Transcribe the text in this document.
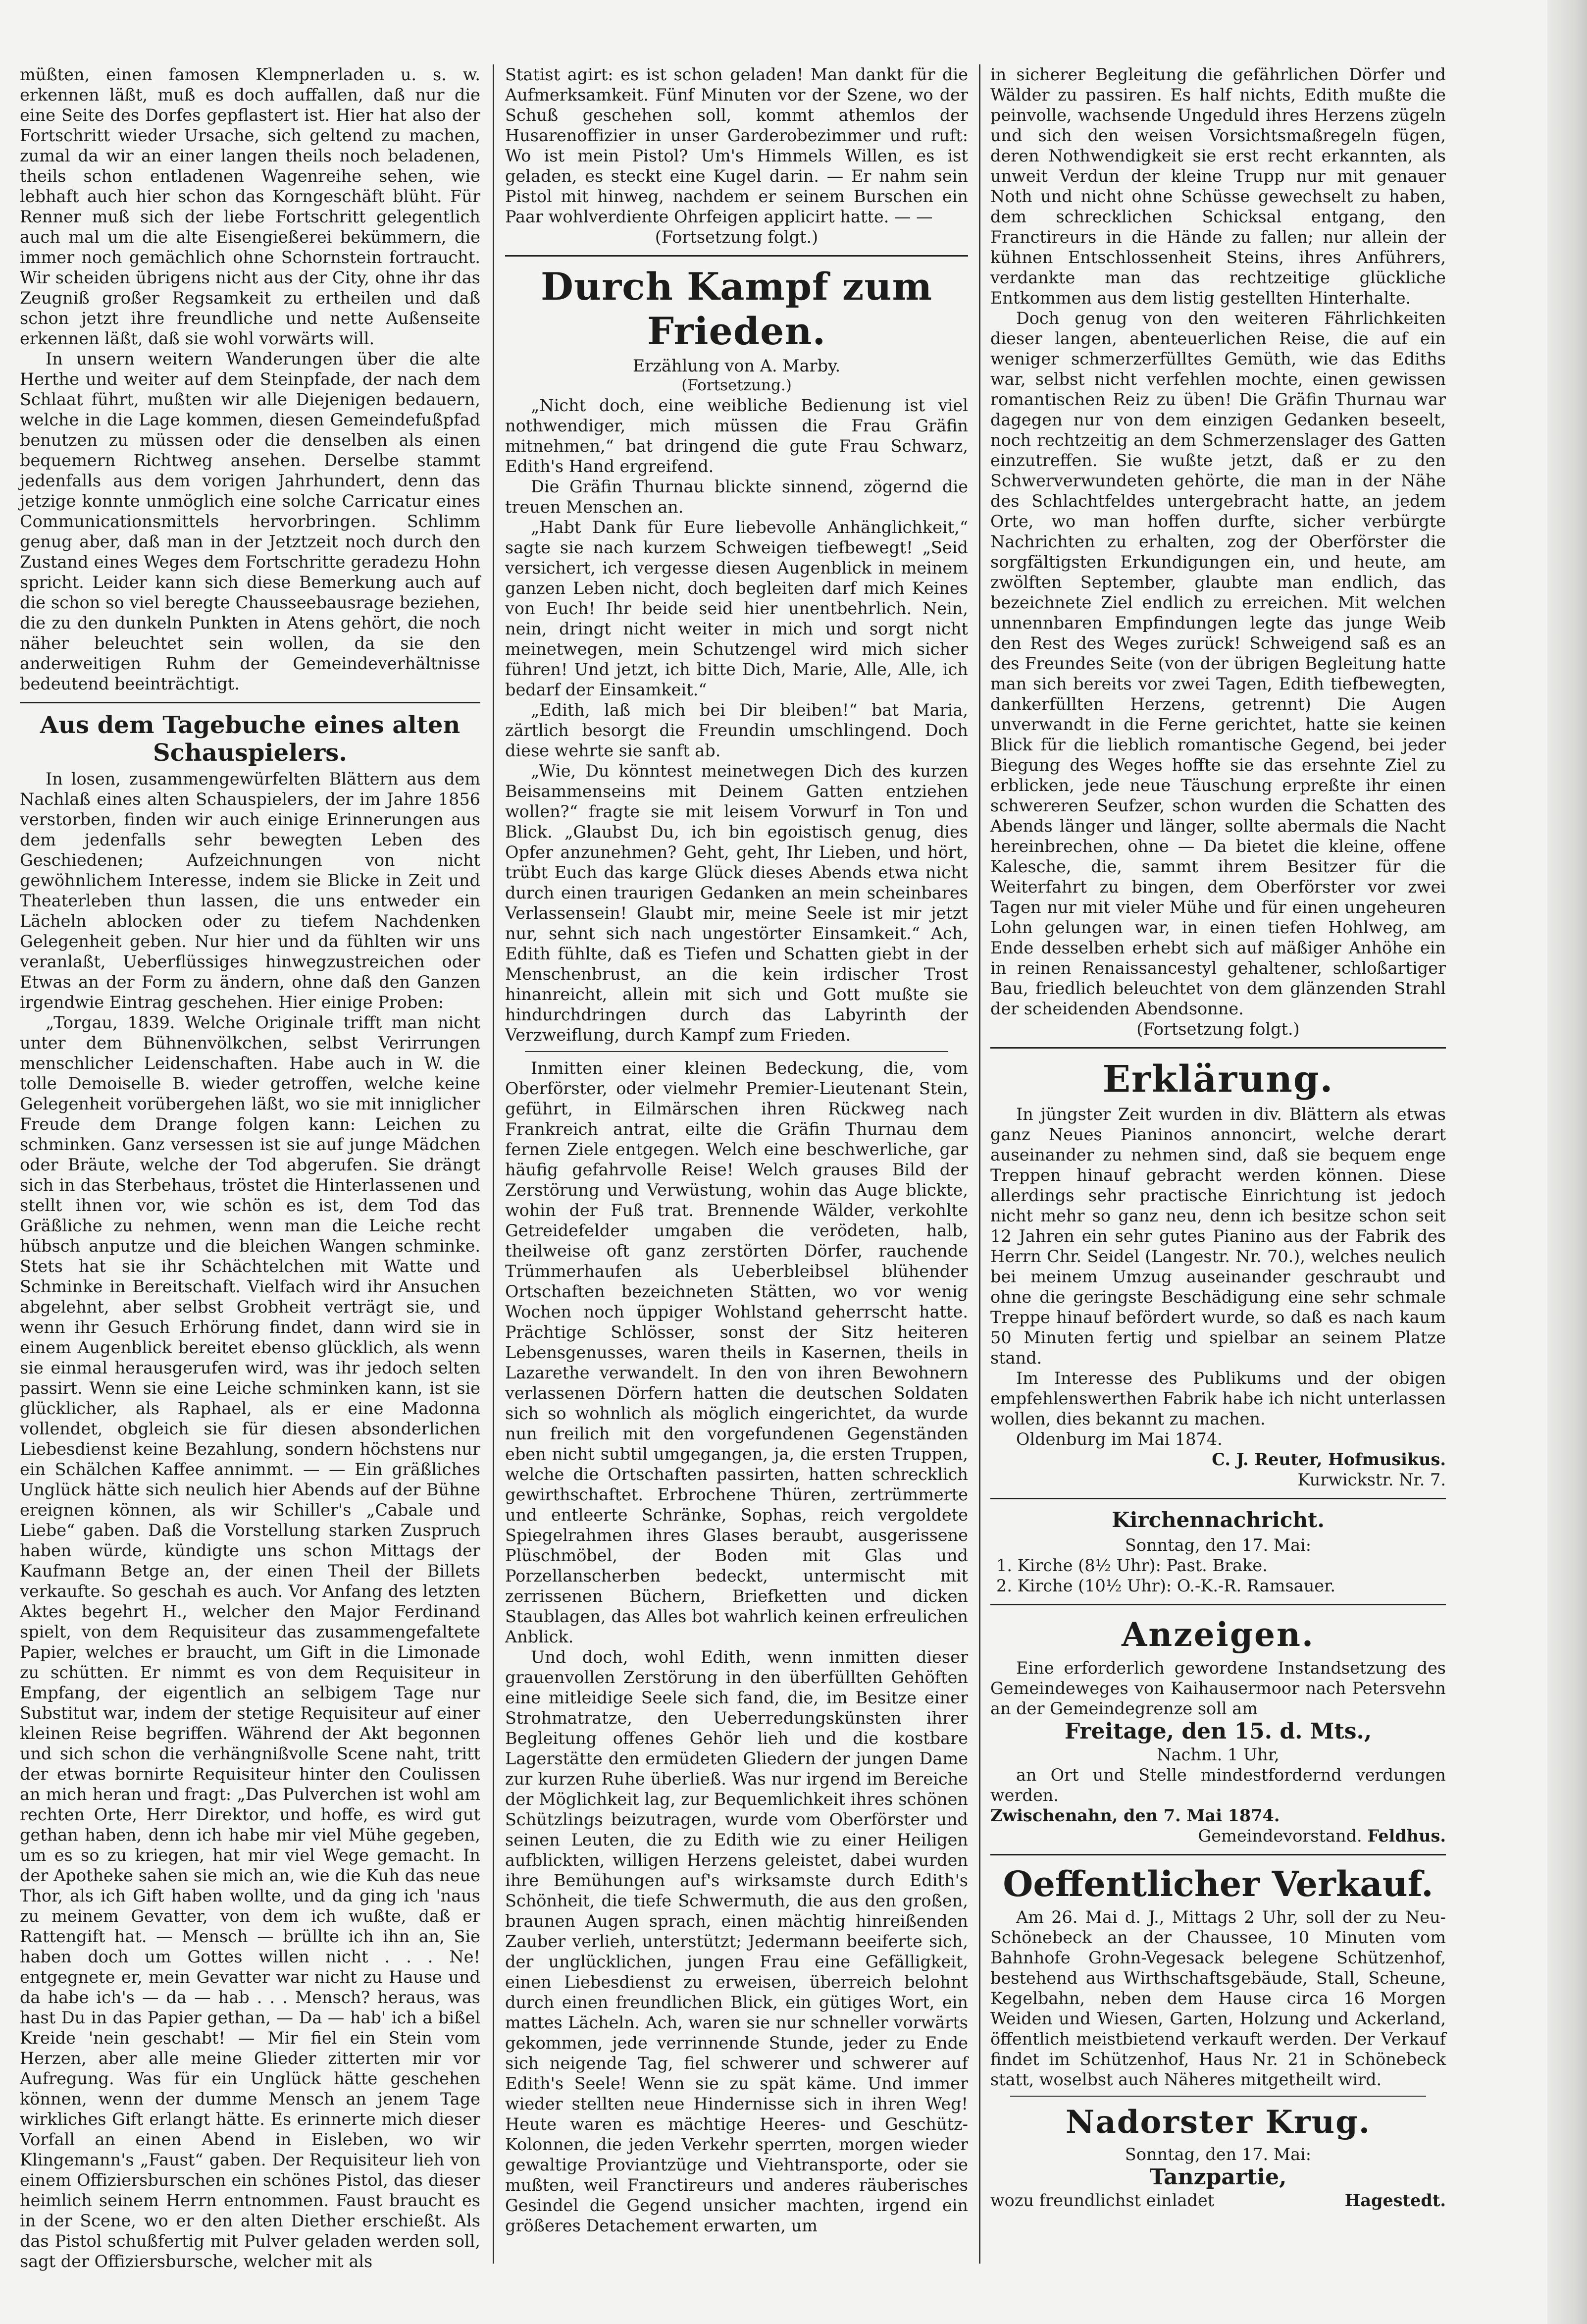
müßten, einen famosen Klempnerladen u. s. w. erkennen läßt, muß es doch auffallen, daß nur die eine Seite des Dorfes gepflastert ist. Hier hat also der Fortschritt wieder Ursache, sich geltend zu machen, zumal da wir an einer langen theils noch beladenen, theils schon entladenen Wagenreihe sehen, wie lebhaft auch hier schon das Korngeschäft blüht. Für Renner muß sich der liebe Fortschritt gelegentlich auch mal um die alte Eisengießerei bekümmern, die immer noch gemächlich ohne Schornstein fortraucht. Wir scheiden übrigens nicht aus der City, ohne ihr das Zeugniß großer Regsamkeit zu ertheilen und daß schon jetzt ihre freundliche und nette Außenseite erkennen läßt, daß sie wohl vorwärts will.

In unsern weitern Wanderungen über die alte Herthe und weiter auf dem Steinpfade, der nach dem Schlaat führt, mußten wir alle Diejenigen bedauern, welche in die Lage kommen, diesen Gemeindefußpfad benutzen zu müssen oder die denselben als einen bequemern Richtweg ansehen. Derselbe stammt jedenfalls aus dem vorigen Jahrhundert, denn das jetzige konnte unmöglich eine solche Carricatur eines Communicationsmittels hervorbringen. Schlimm genug aber, daß man in der Jetztzeit noch durch den Zustand eines Weges dem Fortschritte geradezu Hohn spricht. Leider kann sich diese Bemerkung auch auf die schon so viel beregte Chausseebausrage beziehen, die zu den dunkeln Punkten in Atens gehört, die noch näher beleuchtet sein wollen, da sie den anderweitigen Ruhm der Gemeindeverhältnisse bedeutend beeinträchtigt.

Aus dem Tagebuche eines alten Schauspielers.

In losen, zusammengewürfelten Blättern aus dem Nachlaß eines alten Schauspielers, der im Jahre 1856 verstorben, finden wir auch einige Erinnerungen aus dem jedenfalls sehr bewegten Leben des Geschiedenen; Aufzeichnungen von nicht gewöhnlichem Interesse, indem sie Blicke in Zeit und Theaterleben thun lassen, die uns entweder ein Lächeln ablocken oder zu tiefem Nachdenken Gelegenheit geben. Nur hier und da fühlten wir uns veranlaßt, Ueberflüssiges hinwegzustreichen oder Etwas an der Form zu ändern, ohne daß den Ganzen irgendwie Eintrag geschehen. Hier einige Proben:

„Torgau, 1839. Welche Originale trifft man nicht unter dem Bühnenvölkchen, selbst Verirrungen menschlicher Leidenschaften. Habe auch in W. die tolle Demoiselle B. wieder getroffen, welche keine Gelegenheit vorübergehen läßt, wo sie mit inniglicher Freude dem Drange folgen kann: Leichen zu schminken. Ganz versessen ist sie auf junge Mädchen oder Bräute, welche der Tod abgerufen. Sie drängt sich in das Sterbehaus, tröstet die Hinterlassenen und stellt ihnen vor, wie schön es ist, dem Tod das Gräßliche zu nehmen, wenn man die Leiche recht hübsch anputze und die bleichen Wangen schminke. Stets hat sie ihr Schächtelchen mit Watte und Schminke in Bereitschaft. Vielfach wird ihr Ansuchen abgelehnt, aber selbst Grobheit verträgt sie, und wenn ihr Gesuch Erhörung findet, dann wird sie in einem Augenblick bereitet ebenso glücklich, als wenn sie einmal herausgerufen wird, was ihr jedoch selten passirt. Wenn sie eine Leiche schminken kann, ist sie glücklicher, als Raphael, als er eine Madonna vollendet, obgleich sie für diesen absonderlichen Liebesdienst keine Bezahlung, sondern höchstens nur ein Schälchen Kaffee annimmt. — — Ein gräßliches Unglück hätte sich neulich hier Abends auf der Bühne ereignen können, als wir Schiller's „Cabale und Liebe“ gaben. Daß die Vorstellung starken Zuspruch haben würde, kündigte uns schon Mittags der Kaufmann Betge an, der einen Theil der Billets verkaufte. So geschah es auch. Vor Anfang des letzten Aktes begehrt H., welcher den Major Ferdinand spielt, von dem Requisiteur das zusammengefaltete Papier, welches er braucht, um Gift in die Limonade zu schütten. Er nimmt es von dem Requisiteur in Empfang, der eigentlich an selbigem Tage nur Substitut war, indem der stetige Requisiteur auf einer kleinen Reise begriffen. Während der Akt begonnen und sich schon die verhängnißvolle Scene naht, tritt der etwas bornirte Requisiteur hinter den Coulissen an mich heran und fragt: „Das Pulverchen ist wohl am rechten Orte, Herr Direktor, und hoffe, es wird gut gethan haben, denn ich habe mir viel Mühe gegeben, um es so zu kriegen, hat mir viel Wege gemacht. In der Apotheke sahen sie mich an, wie die Kuh das neue Thor, als ich Gift haben wollte, und da ging ich 'naus zu meinem Gevatter, von dem ich wußte, daß er Rattengift hat. — Mensch — brüllte ich ihn an, Sie haben doch um Gottes willen nicht . . . Ne! entgegnete er, mein Gevatter war nicht zu Hause und da habe ich's — da — hab . . . Mensch? heraus, was hast Du in das Papier gethan, — Da — hab' ich a bißel Kreide 'nein geschabt! — Mir fiel ein Stein vom Herzen, aber alle meine Glieder zitterten mir vor Aufregung. Was für ein Unglück hätte geschehen können, wenn der dumme Mensch an jenem Tage wirkliches Gift erlangt hätte. Es erinnerte mich dieser Vorfall an einen Abend in Eisleben, wo wir Klingemann's „Faust“ gaben. Der Requisiteur lieh von einem Offiziersburschen ein schönes Pistol, das dieser heimlich seinem Herrn entnommen. Faust braucht es in der Scene, wo er den alten Diether erschießt. Als das Pistol schußfertig mit Pulver geladen werden soll, sagt der Offiziersbursche, welcher mit als

Statist agirt: es ist schon geladen! Man dankt für die Aufmerksamkeit. Fünf Minuten vor der Szene, wo der Schuß geschehen soll, kommt athemlos der Husarenoffizier in unser Garderobezimmer und ruft: Wo ist mein Pistol? Um's Himmels Willen, es ist geladen, es steckt eine Kugel darin. — Er nahm sein Pistol mit hinweg, nachdem er seinem Burschen ein Paar wohlverdiente Ohrfeigen applicirt hatte. — —

(Fortsetzung folgt.)

Durch Kampf zum Frieden.

Erzählung von A. Marby.

(Fortsetzung.)

„Nicht doch, eine weibliche Bedienung ist viel nothwendiger, mich müssen die Frau Gräfin mitnehmen,“ bat dringend die gute Frau Schwarz, Edith's Hand ergreifend.

Die Gräfin Thurnau blickte sinnend, zögernd die treuen Menschen an.

„Habt Dank für Eure liebevolle Anhänglichkeit,“ sagte sie nach kurzem Schweigen tiefbewegt! „Seid versichert, ich vergesse diesen Augenblick in meinem ganzen Leben nicht, doch begleiten darf mich Keines von Euch! Ihr beide seid hier unentbehrlich. Nein, nein, dringt nicht weiter in mich und sorgt nicht meinetwegen, mein Schutzengel wird mich sicher führen! Und jetzt, ich bitte Dich, Marie, Alle, Alle, ich bedarf der Einsamkeit.“

„Edith, laß mich bei Dir bleiben!“ bat Maria, zärtlich besorgt die Freundin umschlingend. Doch diese wehrte sie sanft ab.

„Wie, Du könntest meinetwegen Dich des kurzen Beisammenseins mit Deinem Gatten entziehen wollen?“ fragte sie mit leisem Vorwurf in Ton und Blick. „Glaubst Du, ich bin egoistisch genug, dies Opfer anzunehmen? Geht, geht, Ihr Lieben, und hört, trübt Euch das karge Glück dieses Abends etwa nicht durch einen traurigen Gedanken an mein scheinbares Verlassensein! Glaubt mir, meine Seele ist mir jetzt nur, sehnt sich nach ungestörter Einsamkeit.“ Ach, Edith fühlte, daß es Tiefen und Schatten giebt in der Menschenbrust, an die kein irdischer Trost hinanreicht, allein mit sich und Gott mußte sie hindurchdringen durch das Labyrinth der Verzweiflung, durch Kampf zum Frieden.

Inmitten einer kleinen Bedeckung, die, vom Oberförster, oder vielmehr Premier-Lieutenant Stein, geführt, in Eilmärschen ihren Rückweg nach Frankreich antrat, eilte die Gräfin Thurnau dem fernen Ziele entgegen. Welch eine beschwerliche, gar häufig gefahrvolle Reise! Welch grauses Bild der Zerstörung und Verwüstung, wohin das Auge blickte, wohin der Fuß trat. Brennende Wälder, verkohlte Getreidefelder umgaben die verödeten, halb, theilweise oft ganz zerstörten Dörfer, rauchende Trümmerhaufen als Ueberbleibsel blühender Ortschaften bezeichneten Stätten, wo vor wenig Wochen noch üppiger Wohlstand geherrscht hatte. Prächtige Schlösser, sonst der Sitz heiteren Lebensgenusses, waren theils in Kasernen, theils in Lazarethe verwandelt. In den von ihren Bewohnern verlassenen Dörfern hatten die deutschen Soldaten sich so wohnlich als möglich eingerichtet, da wurde nun freilich mit den vorgefundenen Gegenständen eben nicht subtil umgegangen, ja, die ersten Truppen, welche die Ortschaften passirten, hatten schrecklich gewirthschaftet. Erbrochene Thüren, zertrümmerte und entleerte Schränke, Sophas, reich vergoldete Spiegelrahmen ihres Glases beraubt, ausgerissene Plüschmöbel, der Boden mit Glas und Porzellanscherben bedeckt, untermischt mit zerrissenen Büchern, Briefketten und dicken Staublagen, das Alles bot wahrlich keinen erfreulichen Anblick.

Und doch, wohl Edith, wenn inmitten dieser grauenvollen Zerstörung in den überfüllten Gehöften eine mitleidige Seele sich fand, die, im Besitze einer Strohmatratze, den Ueberredungskünsten ihrer Begleitung offenes Gehör lieh und die kostbare Lagerstätte den ermüdeten Gliedern der jungen Dame zur kurzen Ruhe überließ. Was nur irgend im Bereiche der Möglichkeit lag, zur Bequemlichkeit ihres schönen Schützlings beizutragen, wurde vom Oberförster und seinen Leuten, die zu Edith wie zu einer Heiligen aufblickten, willigen Herzens geleistet, dabei wurden ihre Bemühungen auf's wirksamste durch Edith's Schönheit, die tiefe Schwermuth, die aus den großen, braunen Augen sprach, einen mächtig hinreißenden Zauber verlieh, unterstützt; Jedermann beeiferte sich, der unglücklichen, jungen Frau eine Gefälligkeit, einen Liebesdienst zu erweisen, überreich belohnt durch einen freundlichen Blick, ein gütiges Wort, ein mattes Lächeln. Ach, waren sie nur schneller vorwärts gekommen, jede verrinnende Stunde, jeder zu Ende sich neigende Tag, fiel schwerer und schwerer auf Edith's Seele! Wenn sie zu spät käme. Und immer wieder stellten neue Hindernisse sich in ihren Weg! Heute waren es mächtige Heeres- und Geschütz-Kolonnen, die jeden Verkehr sperrten, morgen wieder gewaltige Proviantzüge und Viehtransporte, oder sie mußten, weil Franctireurs und anderes räuberisches Gesindel die Gegend unsicher machten, irgend ein größeres Detachement erwarten, um

in sicherer Begleitung die gefährlichen Dörfer und Wälder zu passiren. Es half nichts, Edith mußte die peinvolle, wachsende Ungeduld ihres Herzens zügeln und sich den weisen Vorsichtsmaßregeln fügen, deren Nothwendigkeit sie erst recht erkannten, als unweit Verdun der kleine Trupp nur mit genauer Noth und nicht ohne Schüsse gewechselt zu haben, dem schrecklichen Schicksal entgang, den Franctireurs in die Hände zu fallen; nur allein der kühnen Entschlossenheit Steins, ihres Anführers, verdankte man das rechtzeitige glückliche Entkommen aus dem listig gestellten Hinterhalte.

Doch genug von den weiteren Fährlichkeiten dieser langen, abenteuerlichen Reise, die auf ein weniger schmerzerfülltes Gemüth, wie das Ediths war, selbst nicht verfehlen mochte, einen gewissen romantischen Reiz zu üben! Die Gräfin Thurnau war dagegen nur von dem einzigen Gedanken beseelt, noch rechtzeitig an dem Schmerzenslager des Gatten einzutreffen. Sie wußte jetzt, daß er zu den Schwerverwundeten gehörte, die man in der Nähe des Schlachtfeldes untergebracht hatte, an jedem Orte, wo man hoffen durfte, sicher verbürgte Nachrichten zu erhalten, zog der Oberförster die sorgfältigsten Erkundigungen ein, und heute, am zwölften September, glaubte man endlich, das bezeichnete Ziel endlich zu erreichen. Mit welchen unnennbaren Empfindungen legte das junge Weib den Rest des Weges zurück! Schweigend saß es an des Freundes Seite (von der übrigen Begleitung hatte man sich bereits vor zwei Tagen, Edith tiefbewegten, dankerfüllten Herzens, getrennt) Die Augen unverwandt in die Ferne gerichtet, hatte sie keinen Blick für die lieblich romantische Gegend, bei jeder Biegung des Weges hoffte sie das ersehnte Ziel zu erblicken, jede neue Täuschung erpreßte ihr einen schwereren Seufzer, schon wurden die Schatten des Abends länger und länger, sollte abermals die Nacht hereinbrechen, ohne — Da bietet die kleine, offene Kalesche, die, sammt ihrem Besitzer für die Weiterfahrt zu bingen, dem Oberförster vor zwei Tagen nur mit vieler Mühe und für einen ungeheuren Lohn gelungen war, in einen tiefen Hohlweg, am Ende desselben erhebt sich auf mäßiger Anhöhe ein in reinen Renaissancestyl gehaltener, schloßartiger Bau, friedlich beleuchtet von dem glänzenden Strahl der scheidenden Abendsonne.

(Fortsetzung folgt.)

Erklärung.

In jüngster Zeit wurden in div. Blättern als etwas ganz Neues Pianinos annoncirt, welche derart auseinander zu nehmen sind, daß sie bequem enge Treppen hinauf gebracht werden können. Diese allerdings sehr practische Einrichtung ist jedoch nicht mehr so ganz neu, denn ich besitze schon seit 12 Jahren ein sehr gutes Pianino aus der Fabrik des Herrn Chr. Seidel (Langestr. Nr. 70.), welches neulich bei meinem Umzug auseinander geschraubt und ohne die geringste Beschädigung eine sehr schmale Treppe hinauf befördert wurde, so daß es nach kaum 50 Minuten fertig und spielbar an seinem Platze stand.

Im Interesse des Publikums und der obigen empfehlenswerthen Fabrik habe ich nicht unterlassen wollen, dies bekannt zu machen.

Oldenburg im Mai 1874.

C. J. Reuter, Hofmusikus.

Kurwickstr. Nr. 7.

Kirchennachricht.

Sonntag, den 17. Mai:

1. Kirche (8½ Uhr): Past. Brake.

2. Kirche (10½ Uhr): O.-K.-R. Ramsauer.

Anzeigen.

Eine erforderlich gewordene Instandsetzung des Gemeindeweges von Kaihausermoor nach Petersvehn an der Gemeindegrenze soll am

Freitage, den 15. d. Mts.,

Nachm. 1 Uhr,

an Ort und Stelle mindestfordernd verdungen werden.

Zwischenahn, den 7. Mai 1874.

Gemeindevorstand. Feldhus.

Oeffentlicher Verkauf.

Am 26. Mai d. J., Mittags 2 Uhr, soll der zu Neu-Schönebeck an der Chaussee, 10 Minuten vom Bahnhofe Grohn-Vegesack belegene Schützenhof, bestehend aus Wirthschaftsgebäude, Stall, Scheune, Kegelbahn, neben dem Hause circa 16 Morgen Weiden und Wiesen, Garten, Holzung und Ackerland, öffentlich meistbietend verkauft werden. Der Verkauf findet im Schützenhof, Haus Nr. 21 in Schönebeck statt, woselbst auch Näheres mitgetheilt wird.

Nadorster Krug.

Sonntag, den 17. Mai:

Tanzpartie,

wozu freundlichst einladet	Hagestedt.
